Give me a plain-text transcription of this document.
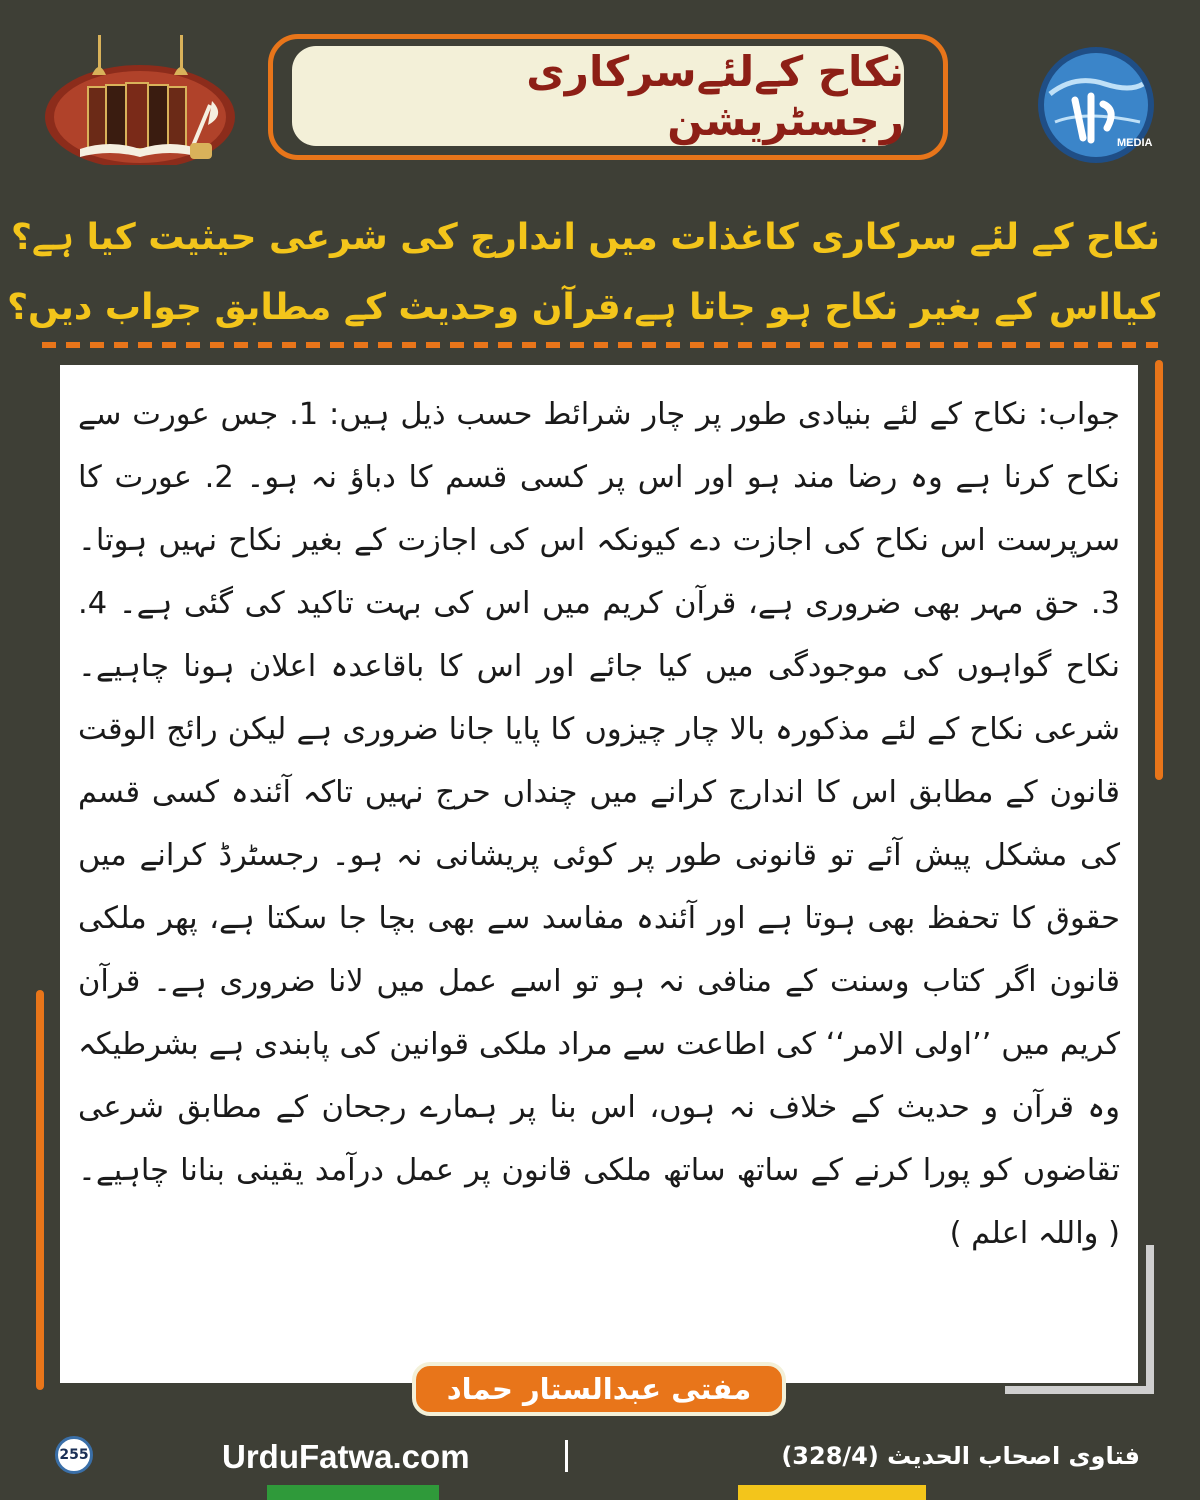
نکاح کےلئےسرکاری رجسٹریشن	MEDIA
نکاح کے لئے سرکاری کاغذات میں اندارج کی شرعی حیثیت کیا ہے؟
کیااس کے بغیر نکاح ہو جاتا ہے،قرآن وحدیث کے مطابق جواب دیں؟
جواب: نکاح کے لئے بنیادی طور پر چار شرائط حسب ذیل ہیں: 1. جس عورت سے نکاح کرنا ہے وہ رضا مند ہو اور اس پر کسی قسم کا دباؤ نہ ہو۔ 2. عورت کا سرپرست اس نکاح کی اجازت دے کیونکہ اس کی اجازت کے بغیر نکاح نہیں ہوتا۔ 3. حق مہر بھی ضروری ہے، قرآن کریم میں اس کی بہت تاکید کی گئی ہے۔ 4. نکاح گواہوں کی موجودگی میں کیا جائے اور اس کا باقاعدہ اعلان ہونا چاہیے۔ شرعی نکاح کے لئے مذکورہ بالا چار چیزوں کا پایا جانا ضروری ہے لیکن رائج الوقت قانون کے مطابق اس کا اندارج کرانے میں چنداں حرج نہیں تاکہ آئندہ کسی قسم کی مشکل پیش آئے تو قانونی طور پر کوئی پریشانی نہ ہو۔ رجسٹرڈ کرانے میں حقوق کا تحفظ بھی ہوتا ہے اور آئندہ مفاسد سے بھی بچا جا سکتا ہے، پھر ملکی قانون اگر کتاب وسنت کے منافی نہ ہو تو اسے عمل میں لانا ضروری ہے۔ قرآن کریم میں ’’اولی الامر‘‘ کی اطاعت سے مراد ملکی قوانین کی پابندی ہے بشرطیکہ وہ قرآن و حدیث کے خلاف نہ ہوں، اس بنا پر ہمارے رجحان کے مطابق شرعی تقاضوں کو پورا کرنے کے ساتھ ساتھ ملکی قانون پر عمل درآمد یقینی بنانا چاہیے۔ ( واللہ اعلم )
مفتی عبدالستار حماد
255	UrduFatwa.com	فتاوی اصحاب الحدیث (328/4)
